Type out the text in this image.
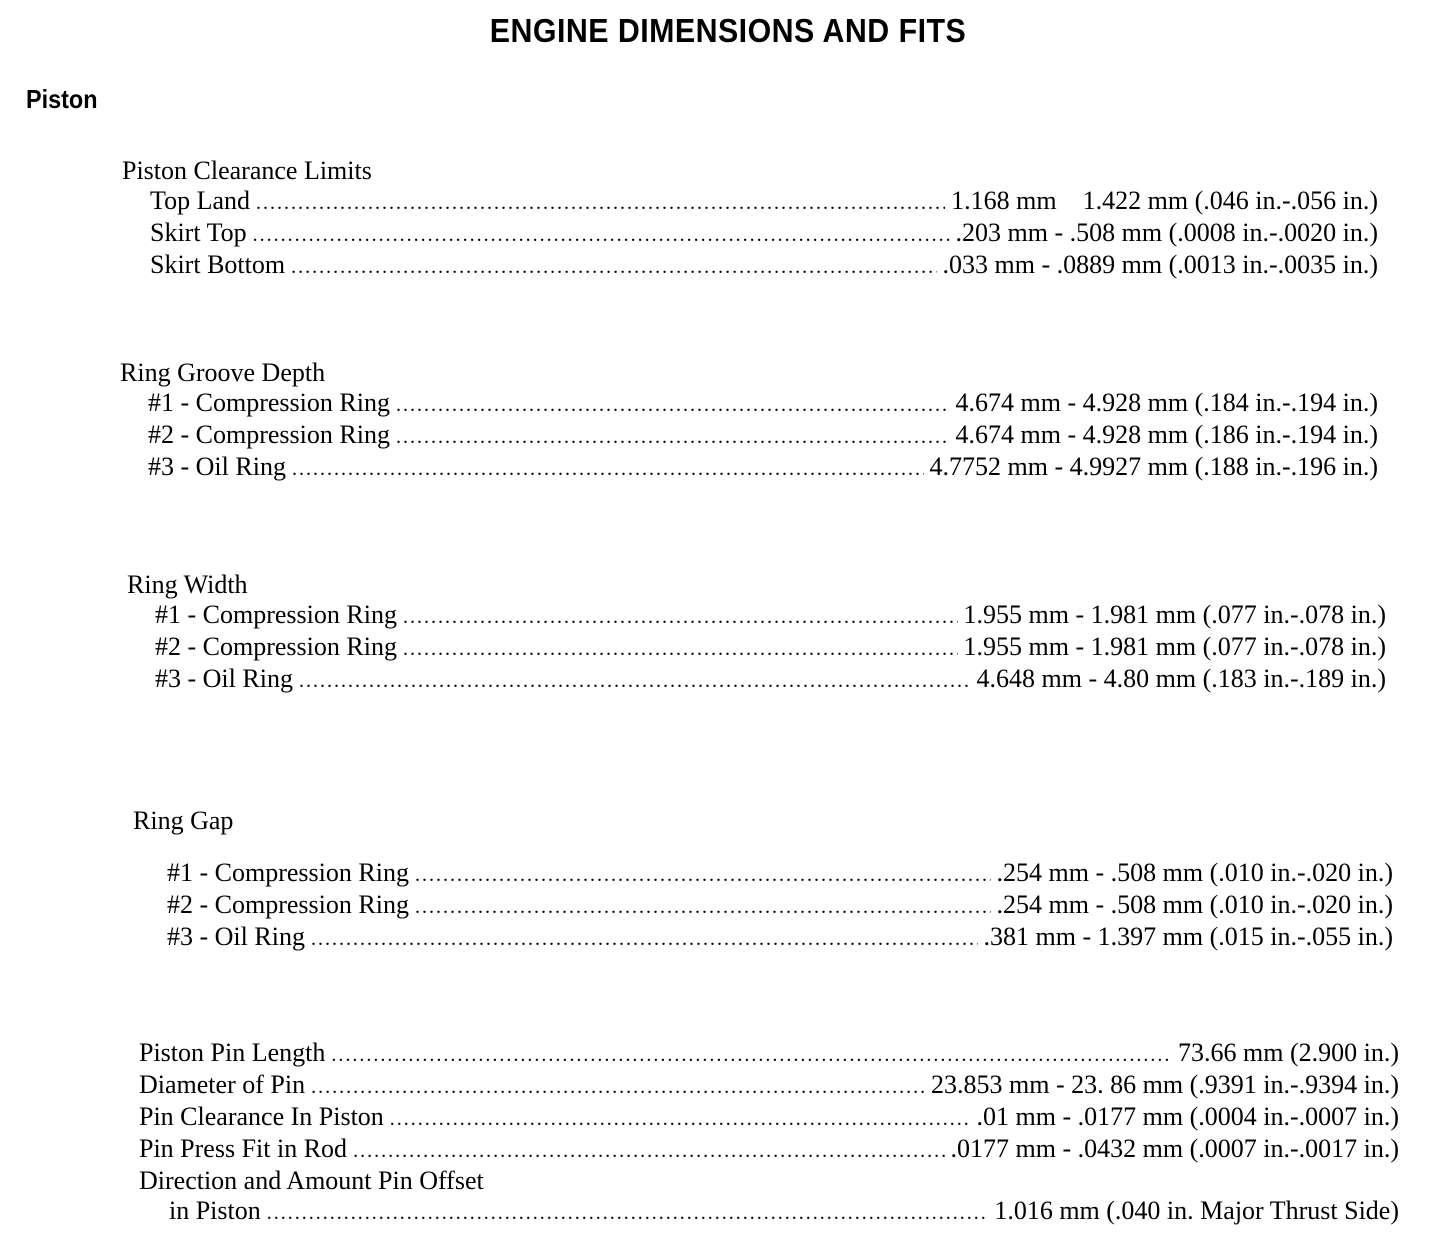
ENGINE DIMENSIONS AND FITS
Piston
Piston Clearance Limits
Top Land .....	1.168 mm    1.422 mm (.046 in.-.056 in.)
Skirt Top .....	.203 mm - .508 mm (.0008 in.-.0020 in.)
Skirt Bottom .....	.033 mm - .0889 mm (.0013 in.-.0035 in.)
Ring Groove Depth
#1 - Compression Ring .....	4.674 mm - 4.928 mm (.184 in.-.194 in.)
#2 - Compression Ring .....	4.674 mm - 4.928 mm (.186 in.-.194 in.)
#3 - Oil Ring .....	4.7752 mm - 4.9927 mm (.188 in.-.196 in.)
Ring Width
#1 - Compression Ring .....	1.955 mm - 1.981 mm (.077 in.-.078 in.)
#2 - Compression Ring .....	1.955 mm - 1.981 mm (.077 in.-.078 in.)
#3 - Oil Ring .....	4.648 mm - 4.80 mm (.183 in.-.189 in.)
Ring Gap
#1 - Compression Ring .....	.254 mm - .508 mm (.010 in.-.020 in.)
#2 - Compression Ring .....	.254 mm - .508 mm (.010 in.-.020 in.)
#3 - Oil Ring .....	.381 mm - 1.397 mm (.015 in.-.055 in.)
Piston Pin Length .....	73.66 mm (2.900 in.)
Diameter of Pin .....	23.853 mm - 23. 86 mm (.9391 in.-.9394 in.)
Pin Clearance In Piston .....	.01 mm - .0177 mm (.0004 in.-.0007 in.)
Pin Press Fit in Rod .....	.0177 mm - .0432 mm (.0007 in.-.0017 in.)
Direction and Amount Pin Offset
in Piston .....	1.016 mm (.040 in. Major Thrust Side)
